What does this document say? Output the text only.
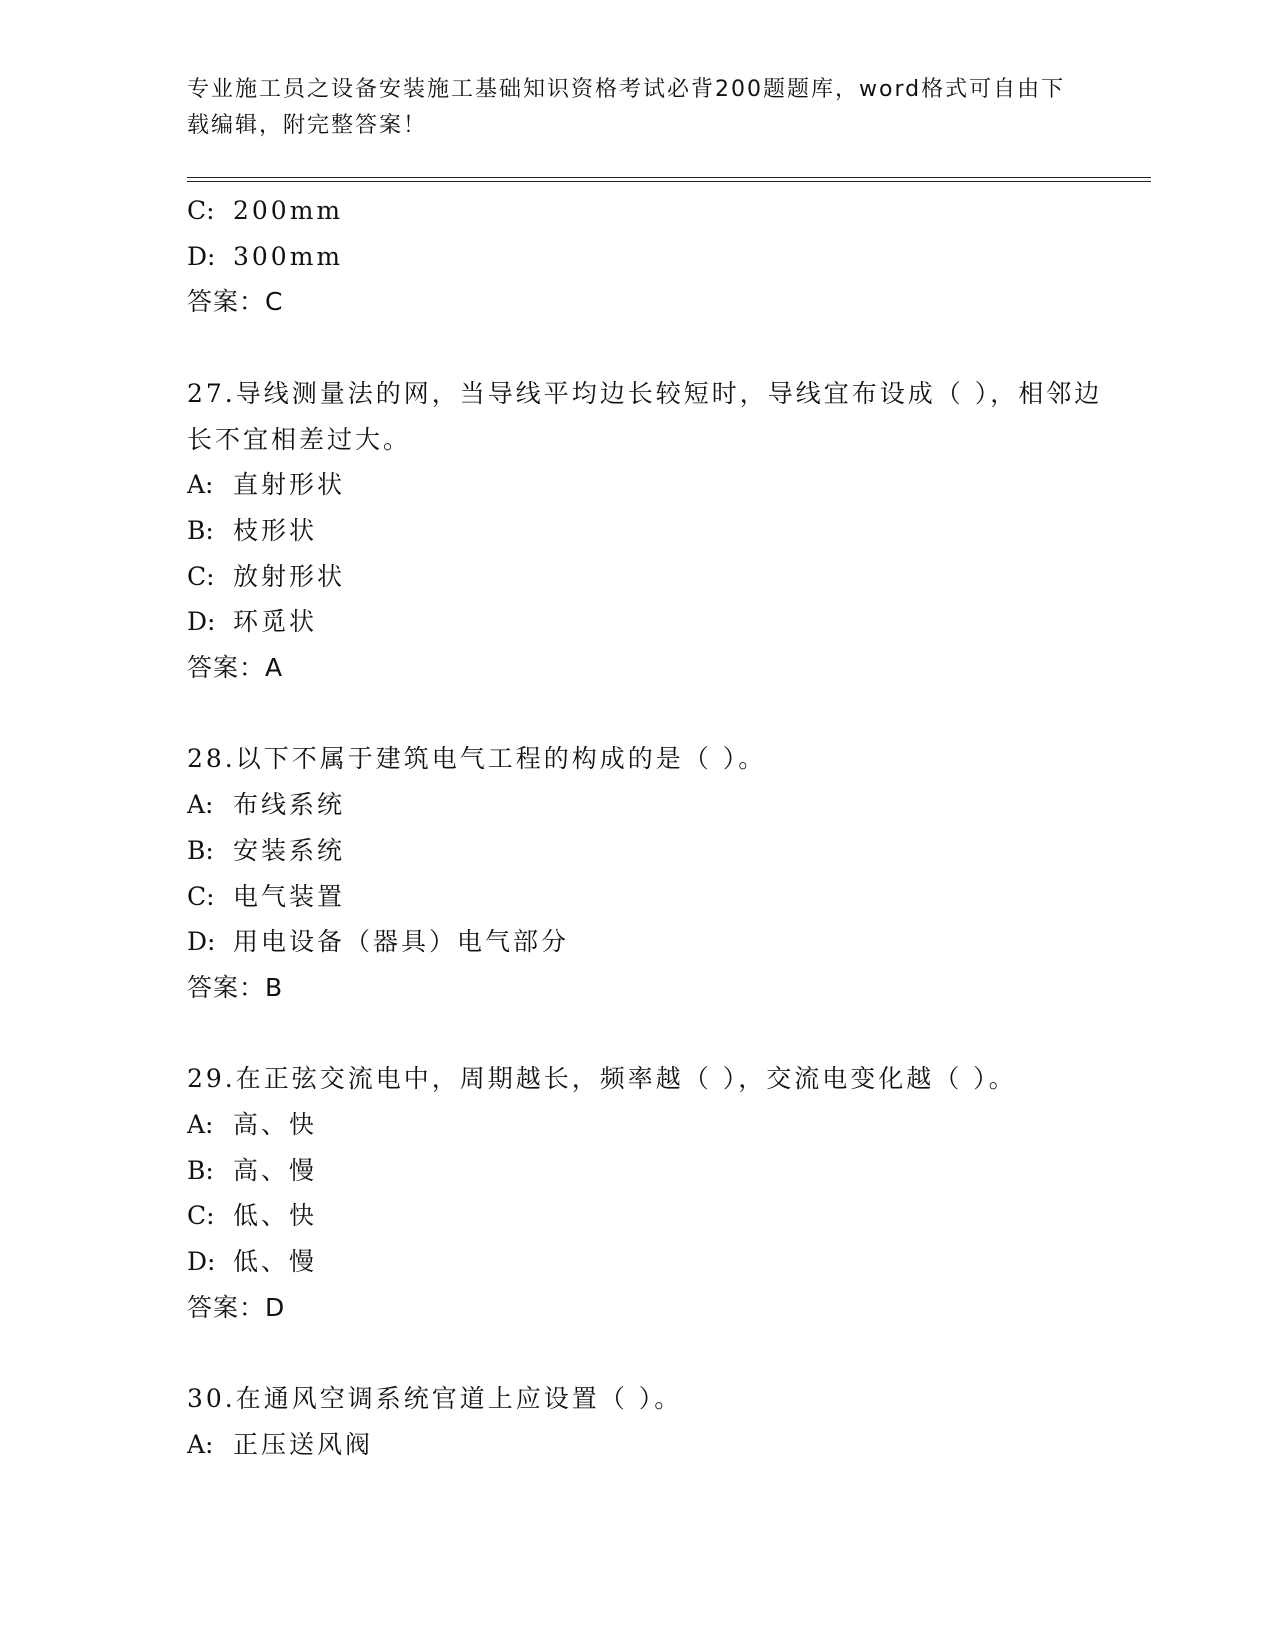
专业施工员之设备安装施工基础知识资格考试必背200题题库，word格式可自由下载编辑，附完整答案！
C: 200mm
D: 300mm
答案：C
27.导线测量法的网，当导线平均边长较短时，导线宜布设成（ ），相邻边长不宜相差过大。
A: 直射形状
B: 枝形状
C: 放射形状
D: 环觅状
答案：A
28.以下不属于建筑电气工程的构成的是（ ）。
A: 布线系统
B: 安装系统
C: 电气装置
D: 用电设备（器具）电气部分
答案：B
29.在正弦交流电中，周期越长，频率越（ ），交流电变化越（ ）。
A: 高、快
B: 高、慢
C: 低、快
D: 低、慢
答案：D
30.在通风空调系统官道上应设置（ ）。
A: 正压送风阀
